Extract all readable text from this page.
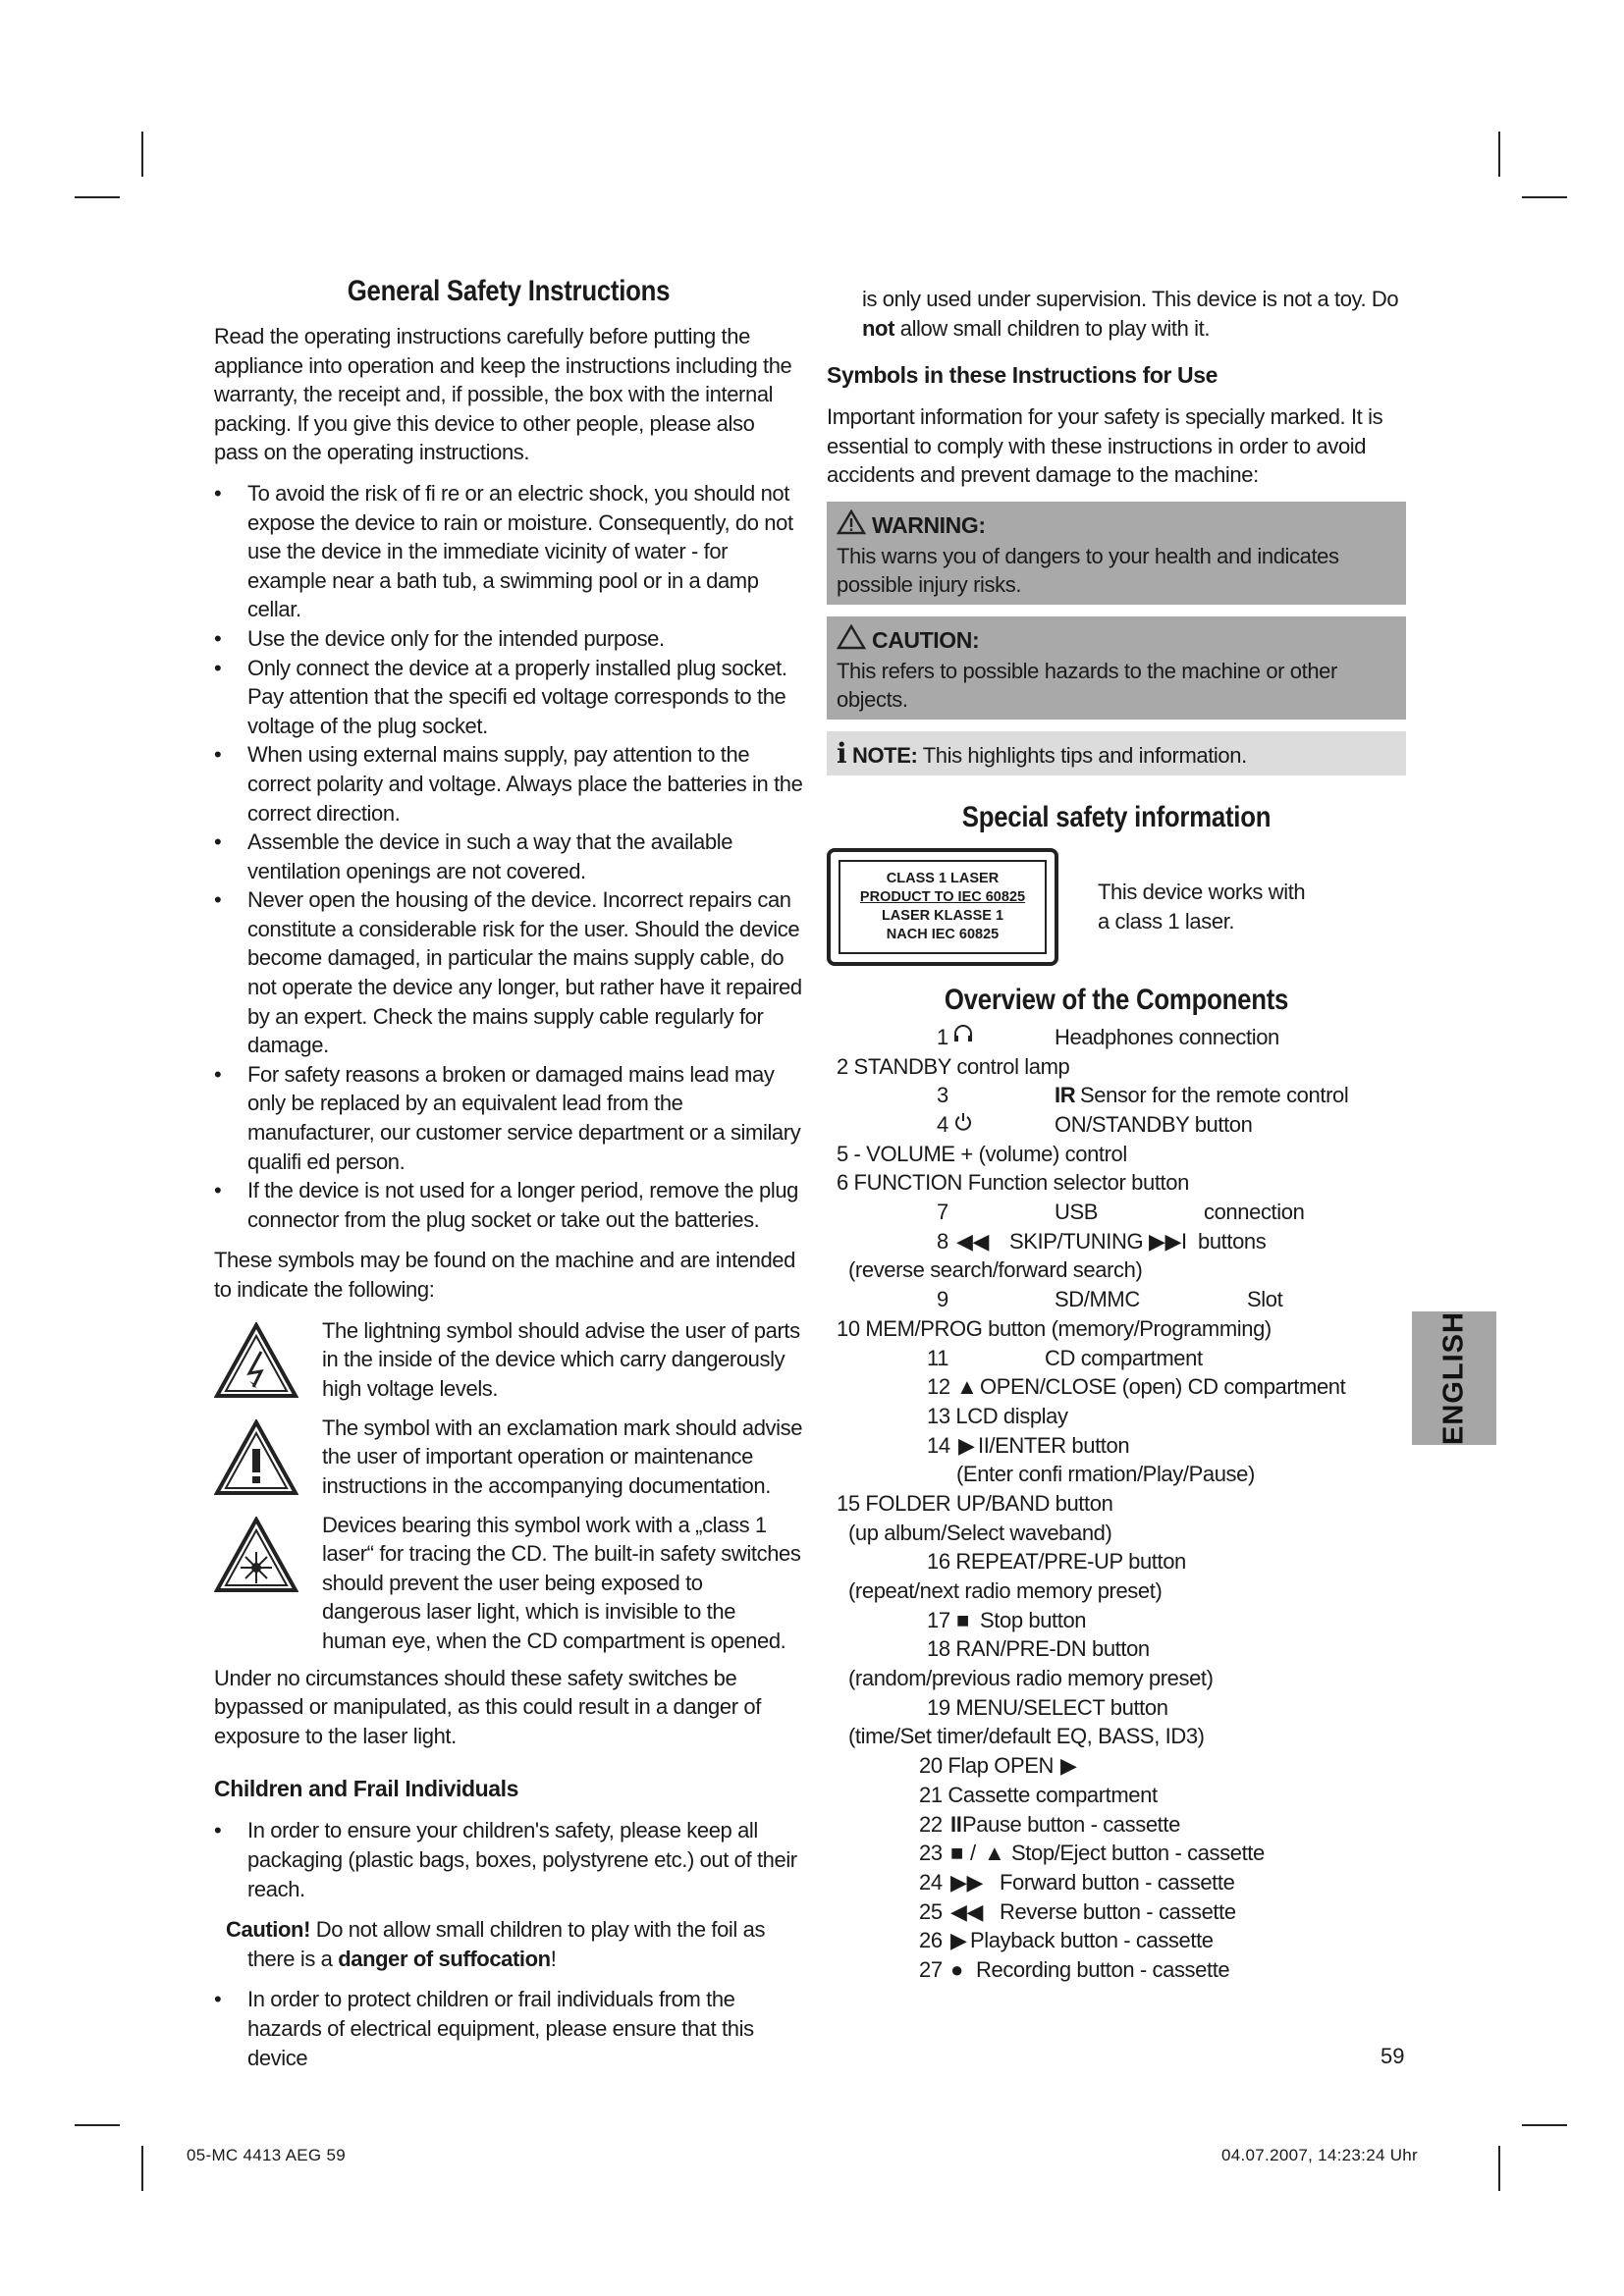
General Safety Instructions

Read the operating instructions carefully before putting the appliance into operation and keep the instructions including the warranty, the receipt and, if possible, the box with the internal packing. If you give this device to other people, please also pass on the operating instructions.

• To avoid the risk of fi re or an electric shock, you should not expose the device to rain or moisture. Consequently, do not use the device in the immediate vicinity of water - for example near a bath tub, a swimming pool or in a damp cellar.
• Use the device only for the intended purpose.
• Only connect the device at a properly installed plug socket. Pay attention that the specifi ed voltage corresponds to the voltage of the plug socket.
• When using external mains supply, pay attention to the correct polarity and voltage. Always place the batteries in the correct direction.
• Assemble the device in such a way that the available ventilation openings are not covered.
• Never open the housing of the device. Incorrect repairs can constitute a considerable risk for the user. Should the device become damaged, in particular the mains supply cable, do not operate the device any longer, but rather have it repaired by an expert. Check the mains supply cable regularly for damage.
• For safety reasons a broken or damaged mains lead may only be replaced by an equivalent lead from the manufacturer, our customer service department or a similary qualifi ed person.
• If the device is not used for a longer period, remove the plug connector from the plug socket or take out the batteries.

These symbols may be found on the machine and are intended to indicate the following:

The lightning symbol should advise the user of parts in the inside of the device which carry dangerously high voltage levels.
The symbol with an exclamation mark should advise the user of important operation or maintenance instructions in the accompanying documentation.
Devices bearing this symbol work with a „class 1 laser“ for tracing the CD. The built-in safety switches should prevent the user being exposed to dangerous laser light, which is invisible to the human eye, when the CD compartment is opened.

Under no circumstances should these safety switches be bypassed or manipulated, as this could result in a danger of exposure to the laser light.

Children and Frail Individuals
• In order to ensure your children's safety, please keep all packaging (plastic bags, boxes, polystyrene etc.) out of their reach.

Caution! Do not allow small children to play with the foil as there is a danger of suffocation!

• In order to protect children or frail individuals from the hazards of electrical equipment, please ensure that this device

is only used under supervision. This device is not a toy. Do not allow small children to play with it.

Symbols in these Instructions for Use

Important information for your safety is specially marked. It is essential to comply with these instructions in order to avoid accidents and prevent damage to the machine:

WARNING:
This warns you of dangers to your health and indicates possible injury risks.

CAUTION:
This refers to possible hazards to the machine or other objects.
i NOTE: This highlights tips and information.
Special safety information
CLASS 1 LASER
PRODUCT TO IEC 60825
LASER KLASSE 1
NACH IEC 60825
This device works with
a class 1 laser.
Overview of the Components
1	Headphones connection
2 STANDBY control lamp
3	IR Sensor for the remote control
4	ON/STANDBY button
5 - VOLUME + (volume) control
6 FUNCTION Function selector button
7	USB	connection
8 ◀◀ SKIP/TUNING ▶▶I buttons
(reverse search/forward search)
9	SD/MMC	Slot
10 MEM/PROG button (memory/Programming)
11	CD compartment
12 ▲ OPEN/CLOSE (open) CD compartment
13 LCD display
14 ▶ II/ENTER button
(Enter confi rmation/Play/Pause)
15 FOLDER UP/BAND button
(up album/Select waveband)
16 REPEAT/PRE-UP button
(repeat/next radio memory preset)
17 ■ Stop button
18 RAN/PRE-DN button
(random/previous radio memory preset)
19 MENU/SELECT button
(time/Set timer/default EQ, BASS, ID3)
20 Flap OPEN ▶
21 Cassette compartment
22 II Pause button - cassette
23 ■ / ▲ Stop/Eject button - cassette
24 ▶▶ Forward button - cassette
25 ◀◀ Reverse button - cassette
26 ▶ Playback button - cassette
27 ● Recording button - cassette
ENGLISH
59
05-MC 4413 AEG 59	04.07.2007, 14:23:24 Uhr
